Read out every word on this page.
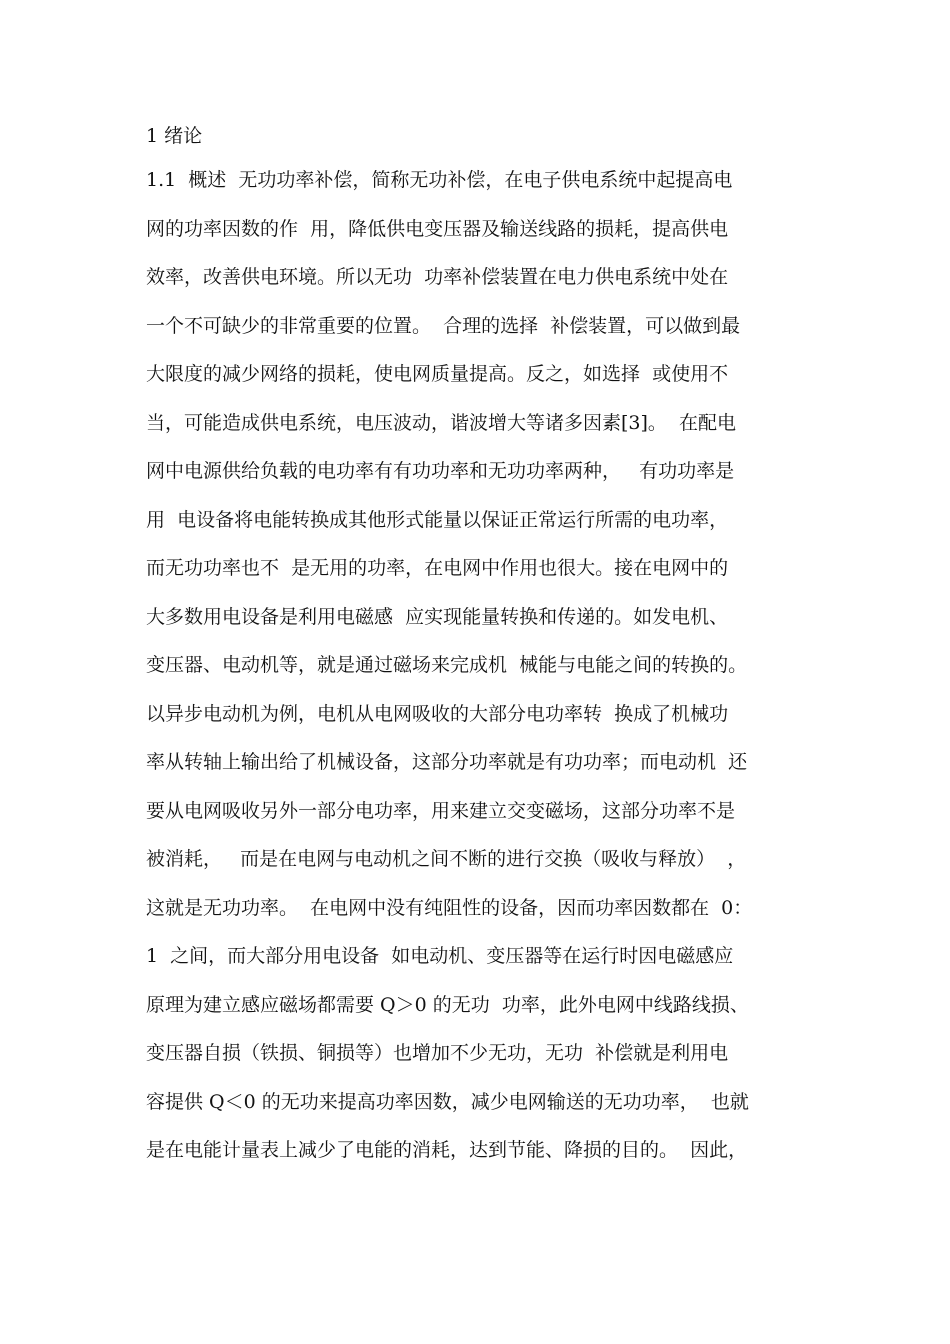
1 绪论
1.1  概述  无功功率补偿，简称无功补偿，在电子供电系统中起提高电
网的功率因数的作  用，降低供电变压器及输送线路的损耗，提高供电
效率，改善供电环境。所以无功  功率补偿装置在电力供电系统中处在
一个不可缺少的非常重要的位置。  合理的选择  补偿装置，可以做到最
大限度的减少网络的损耗，使电网质量提高。反之，如选择  或使用不
当，可能造成供电系统，电压波动，谐波增大等诸多因素[3]。  在配电
网中电源供给负载的电功率有有功功率和无功功率两种，   有功功率是
用  电设备将电能转换成其他形式能量以保证正常运行所需的电功率，
而无功功率也不  是无用的功率，在电网中作用也很大。接在电网中的
大多数用电设备是利用电磁感  应实现能量转换和传递的。如发电机、
变压器、电动机等，就是通过磁场来完成机  械能与电能之间的转换的。
以异步电动机为例，电机从电网吸收的大部分电功率转  换成了机械功
率从转轴上输出给了机械设备，这部分功率就是有功功率；而电动机  还
要从电网吸收另外一部分电功率，用来建立交变磁场，这部分功率不是
被消耗，   而是在电网与电动机之间不断的进行交换（吸收与释放）  ，
这就是无功功率。  在电网中没有纯阻性的设备，因而功率因数都在  0：
1  之间，而大部分用电设备  如电动机、变压器等在运行时因电磁感应
原理为建立感应磁场都需要 Q＞0 的无功  功率，此外电网中线路线损、
变压器自损（铁损、铜损等）也增加不少无功，无功  补偿就是利用电
容提供 Q＜0 的无功来提高功率因数，减少电网输送的无功功率，  也就
是在电能计量表上减少了电能的消耗，达到节能、降损的目的。  因此，
